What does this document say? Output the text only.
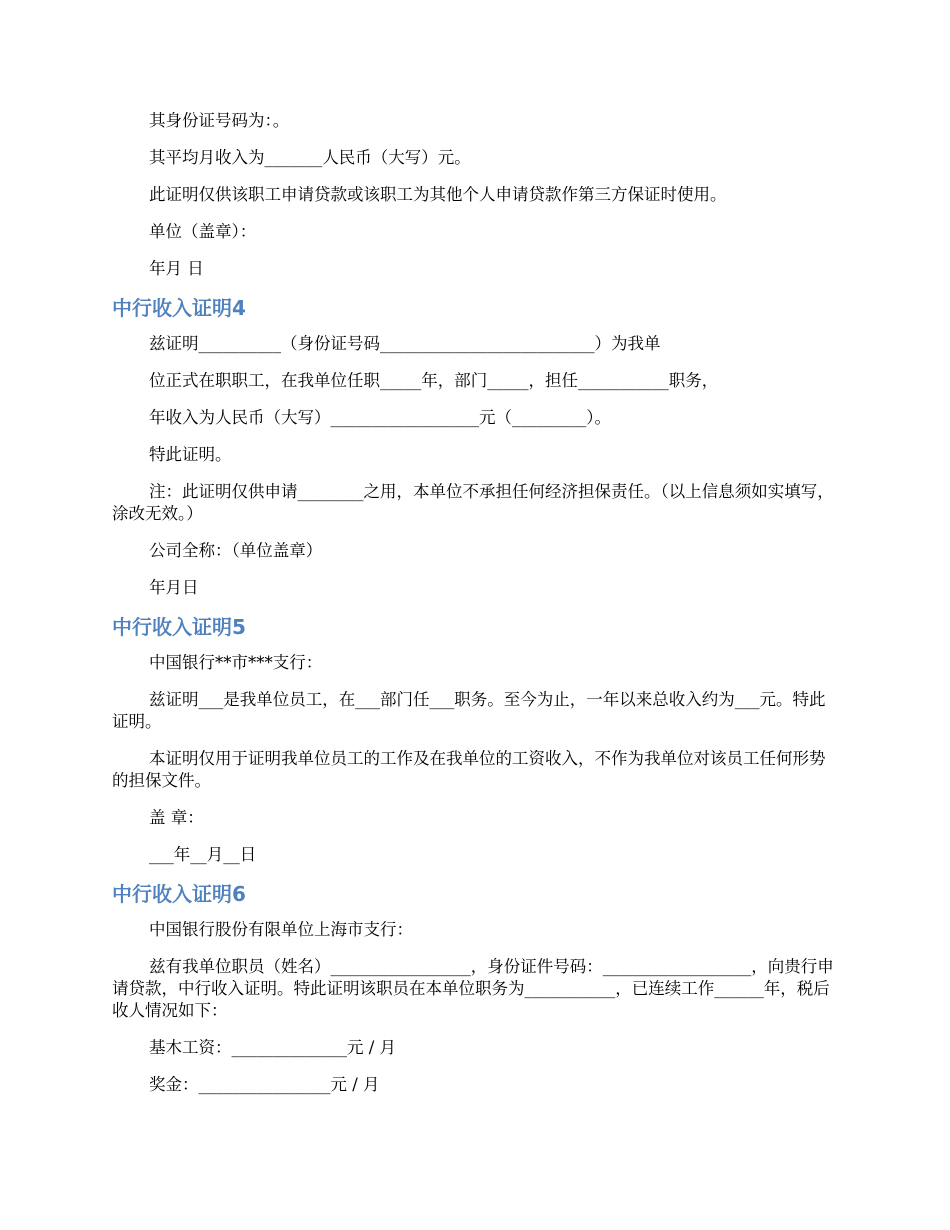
其身份证号码为：。

其平均月收入为_______人民币（大写）元。

此证明仅供该职工申请贷款或该职工为其他个人申请贷款作第三方保证时使用。

单位（盖章）：

年月 日

中行收入证明4

兹证明__________（身份证号码__________________________）为我单

位正式在职职工，在我单位任职_____年，部门_____，担任___________职务，

年收入为人民币（大写）__________________元（_________）。

特此证明。

注：此证明仅供申请________之用，本单位不承担任何经济担保责任。（以上信息须如实填写，涂改无效。）

公司全称：（单位盖章）

年月日

中行收入证明5

中国银行**市***支行：

兹证明___是我单位员工，在___部门任___职务。至今为止，一年以来总收入约为___元。特此证明。

本证明仅用于证明我单位员工的工作及在我单位的工资收入，不作为我单位对该员工任何形势的担保文件。

盖 章：

___年__月__日

中行收入证明6

中国银行股份有限单位上海市支行：

兹有我单位职员（姓名）_________________，身份证件号码：__________________，向贵行申请贷款，中行收入证明。特此证明该职员在本单位职务为___________，已连续工作______年，税后收人情况如下：

基木工资：______________元 / 月

奖金：________________元 / 月
